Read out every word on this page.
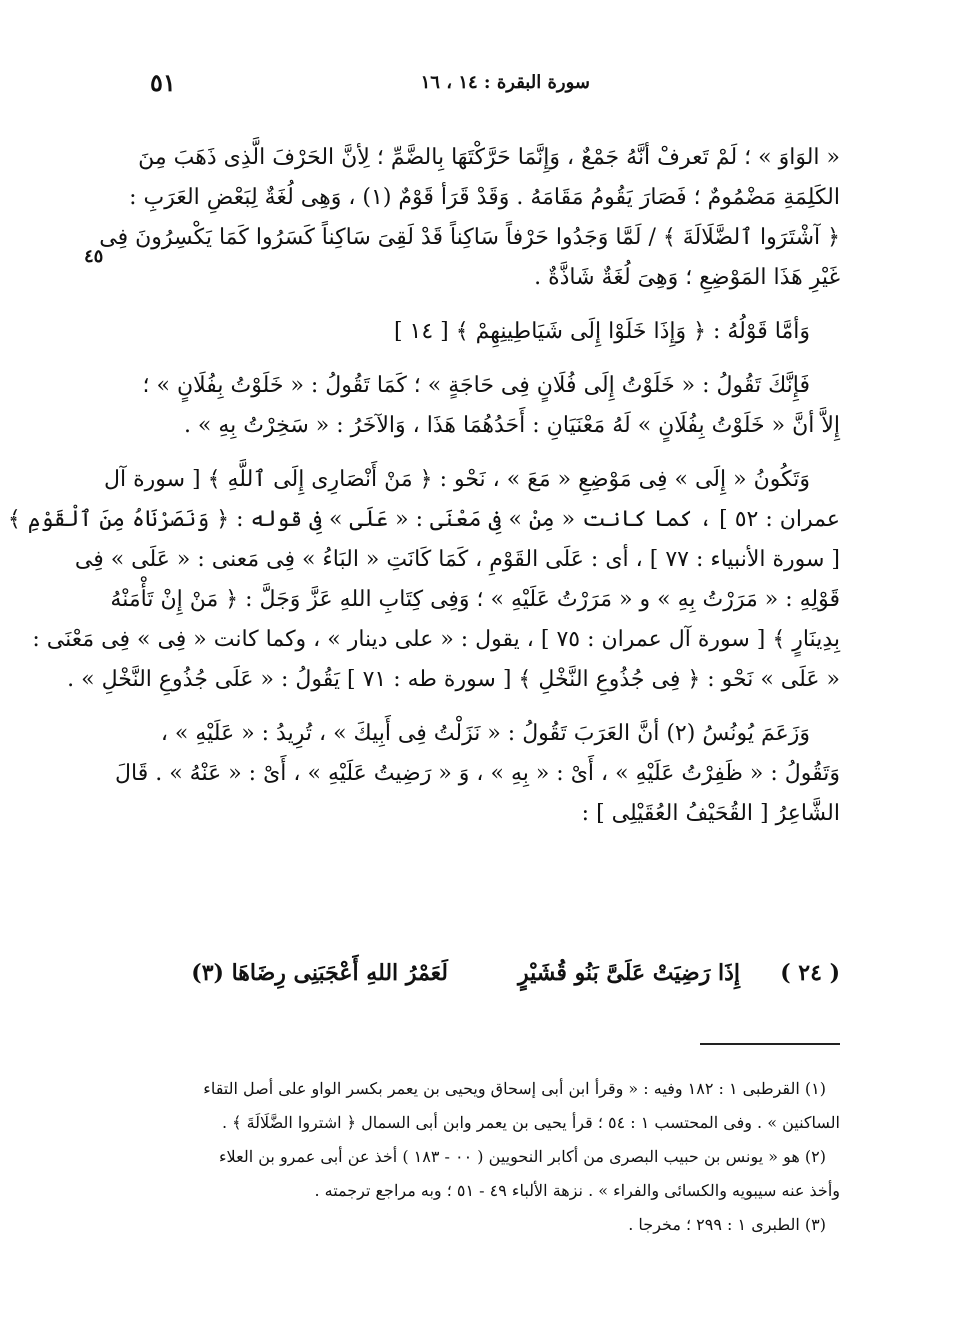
سورة البقرة : ١٤ ، ١٦
٥١
٤٥

« الوَاوَ » ؛ لَمْ تَعرفْ أنَّهُ جَمْعٌ ، وَإِنَّمَا حَرَّكْتَهَا بِالضَّمِّ ؛ لِأنَّ الحَرْفَ الَّذِى ذَهَبَ مِنَ
الكَلِمَةِ مَضْمُومٌ ؛ فَصَارَ يَقُومُ مَقَامَهُ . وَقَدْ قَرَأ قَوْمٌ (١) ، وَهِى لُغَةٌ لِبَعْضِ العَرَبِ :
﴿ آشْتَرَوا ٱلضَّلَالَةَ ﴾ / لَمَّا وَجَدُوا حَرْفاً سَاكِناً قَدْ لَقِىَ سَاكِناً كَسَرُوا كَمَا يَكْسِرُونَ فِى
غَيْرِ هَذَا المَوْضِعِ ؛ وَهِىَ لُغَةٌ شَاذَّةٌ .

وَأمَّا قَوْلُهُ : ﴿ وَإِذَا خَلَوْا إِلَى شَيَاطِينِهِمْ ﴾ [ ١٤ ]

فَإِنَّكَ تَقُولُ : « خَلَوْتُ إِلَى فُلَانٍ فِى حَاجَةٍ » ؛ كَمَا تَقُولُ : « خَلَوْتُ بِفُلَانٍ » ؛
إِلاَّ أنَّ « خَلَوْتُ بِفُلَانٍ » لَهُ مَعْنَيَانِ : أَحَدُهُمَا هَذَا ، وَالآخَرُ : « سَخِرْتُ بِهِ » .

وَتَكُونُ « إِلَى » فِى مَوْضِعِ « مَعَ » ، نَحْو : ﴿ مَنْ أَنْصَارِى إِلَى ٱللَّهِ ﴾ [ سورة آل
عمران : ٥٢ ] ، كما كانت « مِنْ » فِى مَعْنَى : « عَلَى » فِى قوله : ﴿ وَنَصَرْنَاهُ مِنَ ٱلْقَوْمِ ﴾
[ سورة الأنبياء : ٧٧ ] ، أى : عَلَى القَوْمِ ، كَمَا كَانَتِ « البَاءُ » فِى مَعنى : « عَلَى » فِى
قَوْلِهِ : « مَرَرْتُ بِهِ » و « مَرَرْتُ عَلَيْهِ » ؛ وَفِى كِتَابِ اللهِ عَزَّ وَجَلَّ : ﴿ مَنْ إِنْ تَأْمَنْهُ
بِدِينَارٍ ﴾ [ سورة آل عمران : ٧٥ ] ، يقول : « على دينار » ، وكما كانت « فِى » فِى مَعْنَى :
« عَلَى » نَحْو : ﴿ فِى جُذُوعِ النَّخْلِ ﴾ [ سورة طه : ٧١ ] يَقُولُ : « عَلَى جُذُوعِ النَّخْلِ » .

وَزَعَمَ يُونُسُ (٢) أنَّ العَرَبَ تَقُولُ : « نَزَلْتُ فِى أَبِيكَ » ، تُرِيدُ : « عَلَيْهِ » ،
وَتَقُولُ : « ظَفِرْتُ عَلَيْهِ » ، أَىْ : « بِهِ » ، وَ « رَضِيتُ عَلَيْهِ » ، أَىْ : « عَنْهُ » . قَالَ
الشَّاعِرُ [ القُحَيْفُ العُقَيْلِى ] :

( ٢٤ )
إِذَا رَضِيَتْ عَلَىَّ بَنُو قُشَيْرٍ
لَعَمْرُ اللهِ أَعْجَبَنِى رِضَاهَا (٣)
(١) القرطبى ١ : ١٨٢ وفيه : « وقرأ ابن أبى إسحاق ويحيى بن يعمر بكسر الواو على أصل التقاء
الساكنين » . وفى المحتسب ١ : ٥٤ ؛ قرأ يحيى بن يعمر وابن أبى السمال ﴿ اشتروا الضَّلَالَةَ ﴾ .
(٢) هو « يونس بن حبيب البصرى من أكابر النحويين ( ٠٠ - ١٨٣ ) أخذ عن أبى عمرو بن العلاء
وأخذ عنه سيبويه والكسائى والفراء » . نزهة الألباء ٤٩ - ٥١ ؛ وبه مراجع ترجمته .
(٣) الطبرى ١ : ٢٩٩ ؛ مخرجا .
